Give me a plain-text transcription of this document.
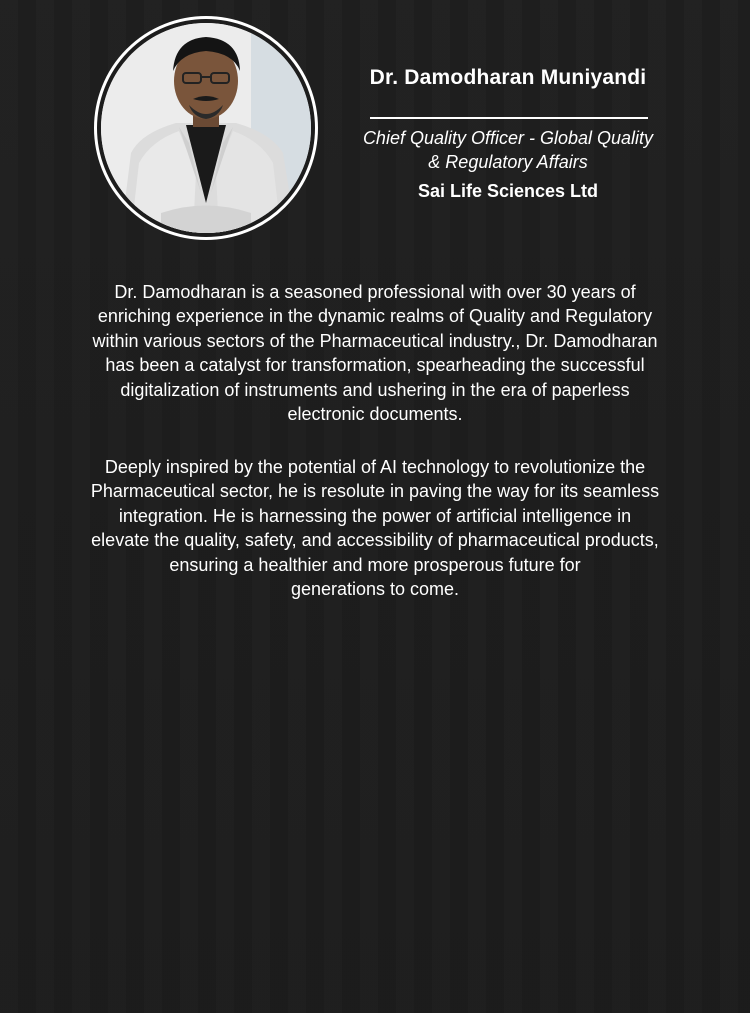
Dr. Damodharan Muniyandi
Chief Quality Officer - Global Quality
& Regulatory Affairs
Sai Life Sciences Ltd

Dr. Damodharan is a seasoned professional with over 30 years of

enriching experience in the dynamic realms of Quality and Regulatory

within various sectors of the Pharmaceutical industry., Dr. Damodharan

has been a catalyst for transformation, spearheading the successful

digitalization of instruments and ushering in the era of paperless

electronic documents.

Deeply inspired by the potential of AI technology to revolutionize the

Pharmaceutical sector, he is resolute in paving the way for its seamless

integration. He is harnessing the power of artificial intelligence in

elevate the quality, safety, and accessibility of pharmaceutical products,

ensuring a healthier and more prosperous future for

generations to come.
